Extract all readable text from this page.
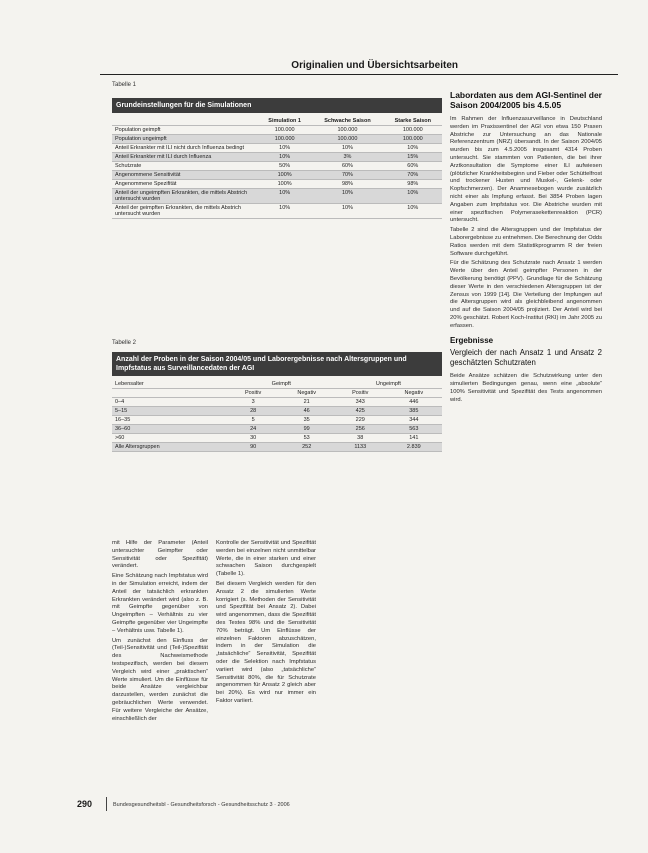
Originalien und Übersichtsarbeiten
Tabelle 1
Grundeinstellungen für die Simulationen
	Simulation 1	Schwache Saison	Starke Saison
Population geimpft	100.000	100.000	100.000
Population ungeimpft	100.000	100.000	100.000
Anteil Erkrankter mit ILI nicht durch Influenza bedingt	10%	10%	10%
Anteil Erkrankter mit ILI durch Influenza	10%	3%	15%
Schutzrate	50%	60%	60%
Angenommene Sensitivität	100%	70%	70%
Angenommene Spezifität	100%	98%	98%
Anteil der ungeimpften Erkrankten, die mittels Abstrich untersucht wurden	10%	10%	10%
Anteil der geimpften Erkrankten, die mittels Abstrich untersucht wurden	10%	10%	10%
Tabelle 2
Anzahl der Proben in der Saison 2004/05 und Laborergebnisse nach Altersgruppen und Impfstatus aus Surveillancedaten der AGI
Lebensalter	Geimpft		Ungeimpft	
	Positiv	Negativ	Positiv	Negativ
0–4	3	21	343	446
5–15	28	46	425	385
16–35	5	35	229	344
36–60	24	99	256	563
>60	30	53	38	141
Alle Altersgruppen	90	252	1133	2.839
Labordaten aus dem AGI-Sentinel der Saison 2004/2005 bis 4.5.05

Im Rahmen der Influenzasurveillance in Deutschland werden im Praxissentinel der AGI von etwa 150 Praxen Abstriche zur Untersuchung an das Nationale Referenzzentrum (NRZ) übersandt. In der Saison 2004/05 wurden bis zum 4.5.2005 insgesamt 4314 Proben untersucht. Sie stammten von Patienten, die bei ihrer Arztkonsultation die Symptome einer ILI aufwiesen (plötzlicher Krankheitsbeginn und Fieber oder Schüttelfrost und trockener Husten und Muskel-, Gelenk- oder Kopfschmerzen). Der Anamnesebogen wurde zusätzlich nicht einer als Impfung erfasst. Bei 3854 Proben lagen Angaben zum Impfstatus vor. Die Abstriche wurden mit einer spezifischen Polymerasekettenreaktion (PCR) untersucht.

Tabelle 2 sind die Altersgruppen und der Impfstatus der Laborergebnisse zu entnehmen. Die Berechnung der Odds Ratios werden mit dem Statistikprogramm R der freien Software durchgeführt.

Für die Schätzung des Schutzrate nach Ansatz 1 werden Werte über den Anteil geimpfter Personen in der Bevölkerung benötigt (PPV). Grundlage für die Schätzung dieser Werte in den verschiedenen Altersgruppen ist der Zensus von 1999 [14]. Die Verteilung der Impfungen auf die Altersgruppen wird als gleichbleibend angenommen und auf die Saison 2004/05 projiziert. Der Anteil wird bei 20% geschätzt. Robert Koch-Institut (RKI) im Jahr 2005 zu erfassen.

Ergebnisse
Vergleich der nach Ansatz 1 und Ansatz 2 geschätzten Schutzraten

Beide Ansätze schätzen die Schutzwirkung unter den simulierten Bedingungen genau, wenn eine „absolute“ 100% Sensitivität und Spezifität des Tests angenommen wird.

mit Hilfe der Parameter (Anteil untersuchter Geimpfter oder Sensitivität oder Spezifität) verändert.

Eine Schätzung nach Impfstatus wird in der Simulation erreicht, indem der Anteil der tatsächlich erkrankten Erkrankten verändert wird (also z. B. mit Geimpfte gegenüber von Ungeimpften – Verhältnis zu vier Geimpfte gegenüber vier Ungeimpfte – Verhältnis usw. Tabelle 1).

Um zunächst den Einfluss der (Teil-)Sensitivität und (Teil-)Spezifität des Nachweismethode testspezifisch, werden bei diesem Vergleich wird einer „praktischen“ Werte simuliert. Um die Einflüsse für beide Ansätze vergleichbar darzustellen, werden zunächst die gebräuchlichen Werte verwendet. Für weitere Vergleiche der Ansätze, einschließlich der

Kontrolle der Sensitivität und Spezifität werden bei einzelnen nicht unmittelbar Werte, die in einer starken und einer schwachen Saison durchgespielt (Tabelle 1).

Bei diesem Vergleich werden für den Ansatz 2 die simulierten Werte korrigiert (s. Methoden der Sensitivität und Spezifität bei Ansatz 2). Dabei wird angenommen, dass die Spezifität des Testes 98% und die Sensitivität 70% beträgt. Um Einflüsse der einzelnen Faktoren abzuschätzen, indem in der Simulation die „tatsächliche“ Sensitivität, Spezifität oder die Selektion nach Impfstatus variiert wird (also „tatsächliche“ Sensitivität 80%, die für Schutzrate angenommen für Ansatz 2 gleich aber bei 20%). Es wird nur immer ein Faktor variiert.

290	Bundesgesundheitsbl - Gesundheitsforsch - Gesundheitsschutz 3 · 2006
